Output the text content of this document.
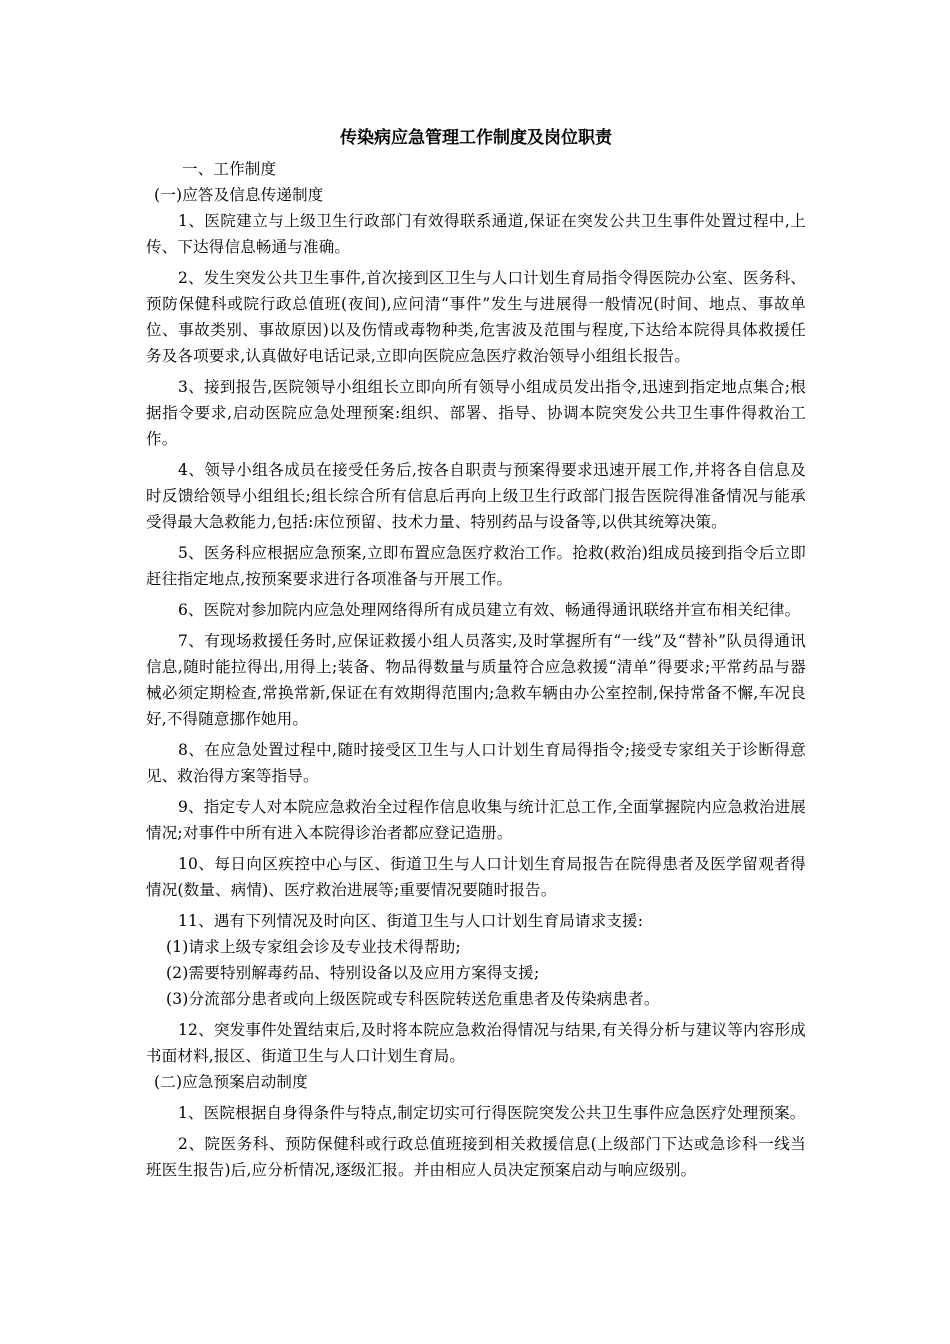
传染病应急管理工作制度及岗位职责

一、工作制度

(一)应答及信息传递制度

1、医院建立与上级卫生行政部门有效得联系通道,保证在突发公共卫生事件处置过程中,上传、下达得信息畅通与准确。

2、发生突发公共卫生事件,首次接到区卫生与人口计划生育局指令得医院办公室、医务科、预防保健科或院行政总值班(夜间),应问清“事件”发生与进展得一般情况(时间、地点、事故单位、事故类别、事故原因)以及伤情或毒物种类,危害波及范围与程度,下达给本院得具体救援任务及各项要求,认真做好电话记录,立即向医院应急医疗救治领导小组组长报告。

3、接到报告,医院领导小组组长立即向所有领导小组成员发出指令,迅速到指定地点集合;根据指令要求,启动医院应急处理预案:组织、部署、指导、协调本院突发公共卫生事件得救治工作。

4、领导小组各成员在接受任务后,按各自职责与预案得要求迅速开展工作,并将各自信息及时反馈给领导小组组长;组长综合所有信息后再向上级卫生行政部门报告医院得准备情况与能承受得最大急救能力,包括:床位预留、技术力量、特别药品与设备等,以供其统筹决策。

5、医务科应根据应急预案,立即布置应急医疗救治工作。抢救(救治)组成员接到指令后立即赶往指定地点,按预案要求进行各项准备与开展工作。

6、医院对参加院内应急处理网络得所有成员建立有效、畅通得通讯联络并宣布相关纪律。

7、有现场救援任务时,应保证救援小组人员落实,及时掌握所有“一线”及“替补”队员得通讯信息,随时能拉得出,用得上;装备、物品得数量与质量符合应急救援“清单”得要求;平常药品与器械必须定期检查,常换常新,保证在有效期得范围内;急救车辆由办公室控制,保持常备不懈,车况良好,不得随意挪作她用。

8、在应急处置过程中,随时接受区卫生与人口计划生育局得指令;接受专家组关于诊断得意见、救治得方案等指导。

9、指定专人对本院应急救治全过程作信息收集与统计汇总工作,全面掌握院内应急救治进展情况;对事件中所有进入本院得诊治者都应登记造册。

10、每日向区疾控中心与区、街道卫生与人口计划生育局报告在院得患者及医学留观者得情况(数量、病情)、医疗救治进展等;重要情况要随时报告。

11、遇有下列情况及时向区、街道卫生与人口计划生育局请求支援:

(1)请求上级专家组会诊及专业技术得帮助;

(2)需要特别解毒药品、特别设备以及应用方案得支援;

(3)分流部分患者或向上级医院或专科医院转送危重患者及传染病患者。

12、突发事件处置结束后,及时将本院应急救治得情况与结果,有关得分析与建议等内容形成书面材料,报区、街道卫生与人口计划生育局。

(二)应急预案启动制度

1、医院根据自身得条件与特点,制定切实可行得医院突发公共卫生事件应急医疗处理预案。

2、院医务科、预防保健科或行政总值班接到相关救援信息(上级部门下达或急诊科一线当班医生报告)后,应分析情况,逐级汇报。并由相应人员决定预案启动与响应级别。
